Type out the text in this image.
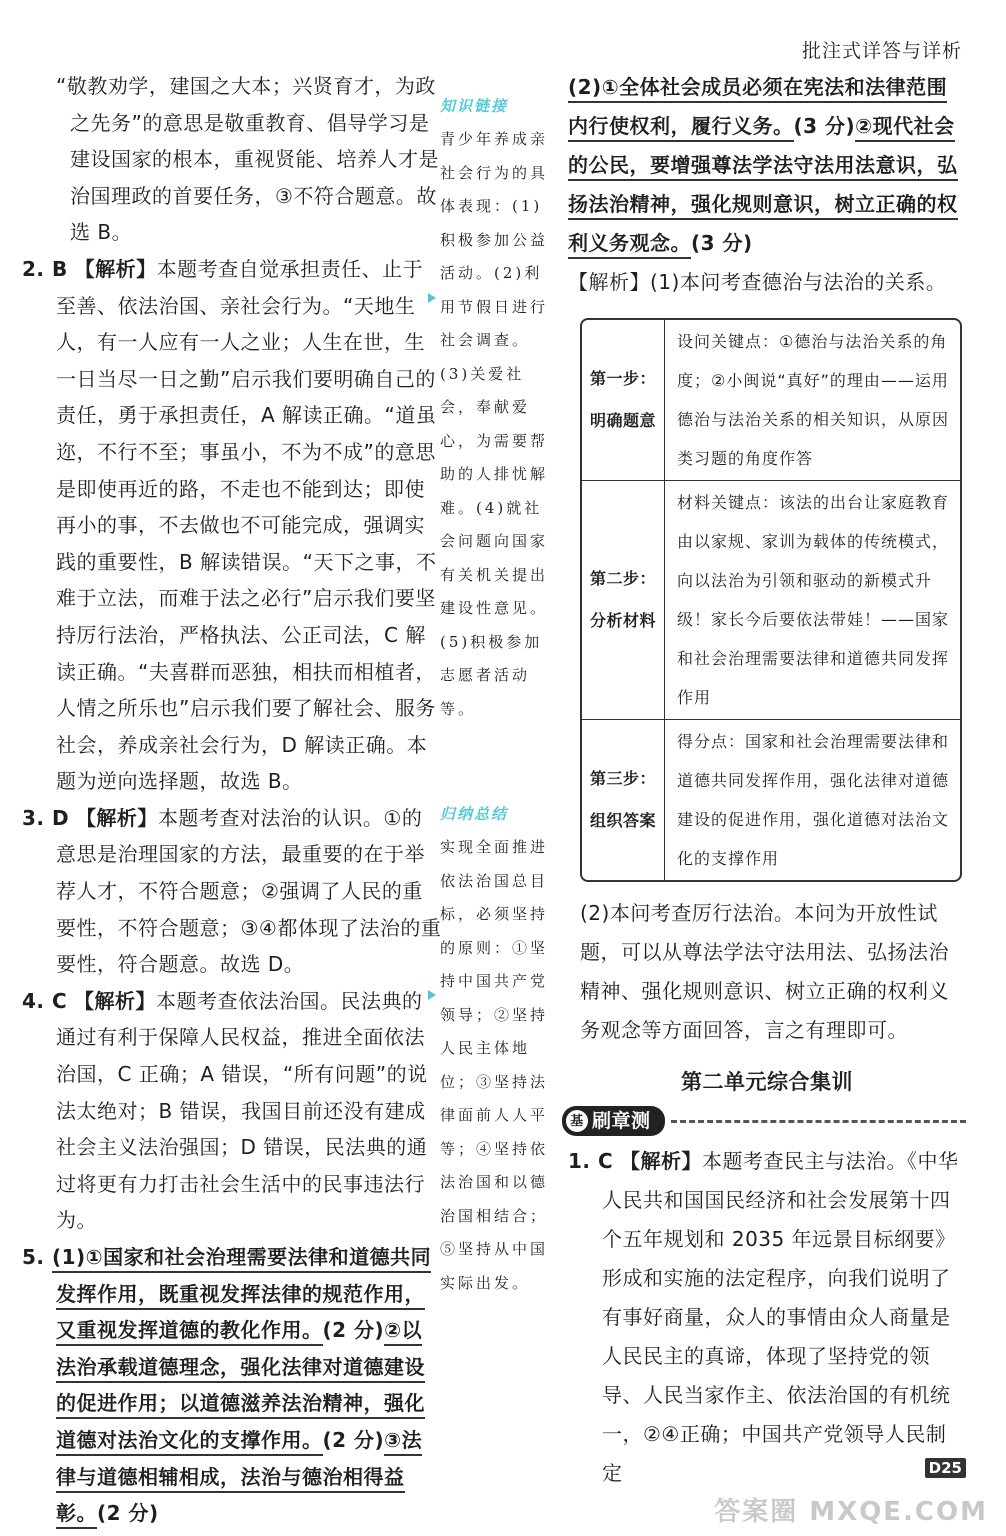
批注式详答与详析

“敬教劝学，建国之大本；兴贤育才，为政之先务”的意思是敬重教育、倡导学习是建设国家的根本，重视贤能、培养人才是治国理政的首要任务，③不符合题意。故选 B。

2. B 【解析】本题考查自觉承担责任、止于至善、依法治国、亲社会行为。“天地生人，有一人应有一人之业；人生在世，生一日当尽一日之勤”启示我们要明确自己的责任，勇于承担责任，A 解读正确。“道虽迩，不行不至；事虽小，不为不成”的意思是即使再近的路，不走也不能到达；即使再小的事，不去做也不可能完成，强调实践的重要性，B 解读错误。“天下之事，不难于立法，而难于法之必行”启示我们要坚持厉行法治，严格执法、公正司法，C 解读正确。“夫喜群而恶独，相扶而相植者，人情之所乐也”启示我们要了解社会、服务社会，养成亲社会行为，D 解读正确。本题为逆向选择题，故选 B。

3. D 【解析】本题考查对法治的认识。①的意思是治理国家的方法，最重要的在于举荐人才，不符合题意；②强调了人民的重要性，不符合题意；③④都体现了法治的重要性，符合题意。故选 D。

4. C 【解析】本题考查依法治国。民法典的通过有利于保障人民权益，推进全面依法治国，C 正确；A 错误，“所有问题”的说法太绝对；B 错误，我国目前还没有建成社会主义法治强国；D 错误，民法典的通过将更有力打击社会生活中的民事违法行为。

5. (1)①国家和社会治理需要法律和道德共同发挥作用，既重视发挥法律的规范作用，又重视发挥道德的教化作用。(2 分)②以法治承载道德理念，强化法律对道德建设的促进作用；以道德滋养法治精神，强化道德对法治文化的支撑作用。(2 分)③法律与道德相辅相成，法治与德治相得益彰。(2 分)

知识链接
青少年养成亲社会行为的具体表现：(1)积极参加公益活动。(2)利用节假日进行社会调查。(3)关爱社会，奉献爱心，为需要帮助的人排忧解难。(4)就社会问题向国家有关机关提出建设性意见。(5)积极参加志愿者活动等。
归纳总结
实现全面推进依法治国总目标，必须坚持的原则：①坚持中国共产党领导；②坚持人民主体地位；③坚持法律面前人人平等；④坚持依法治国和以德治国相结合；⑤坚持从中国实际出发。

(2)①全体社会成员必须在宪法和法律范围内行使权利，履行义务。(3 分)②现代社会的公民，要增强尊法学法守法用法意识，弘扬法治精神，强化规则意识，树立正确的权利义务观念。(3 分)

【解析】(1)本问考查德治与法治的关系。

第一步：
明确题意
设问关键点：①德治与法治关系的角度；②小闽说“真好”的理由——运用德治与法治关系的相关知识，从原因类习题的角度作答
第二步：
分析材料
材料关键点：该法的出台让家庭教育由以家规、家训为载体的传统模式，向以法治为引领和驱动的新模式升级！家长今后要依法带娃！——国家和社会治理需要法律和道德共同发挥作用
第三步：
组织答案
得分点：国家和社会治理需要法律和道德共同发挥作用，强化法律对道德建设的促进作用，强化道德对法治文化的支撑作用

(2)本问考查厉行法治。本问为开放性试题，可以从尊法学法守法用法、弘扬法治精神、强化规则意识、树立正确的权利义务观念等方面回答，言之有理即可。

第二单元综合集训
基 刷章测

1. C 【解析】本题考查民主与法治。《中华人民共和国国民经济和社会发展第十四个五年规划和 2035 年远景目标纲要》形成和实施的法定程序，向我们说明了有事好商量，众人的事情由众人商量是人民民主的真谛，体现了坚持党的领导、人民当家作主、依法治国的有机统一，②④正确；中国共产党领导人民制定	D25
答案圈 MXQE.COM
